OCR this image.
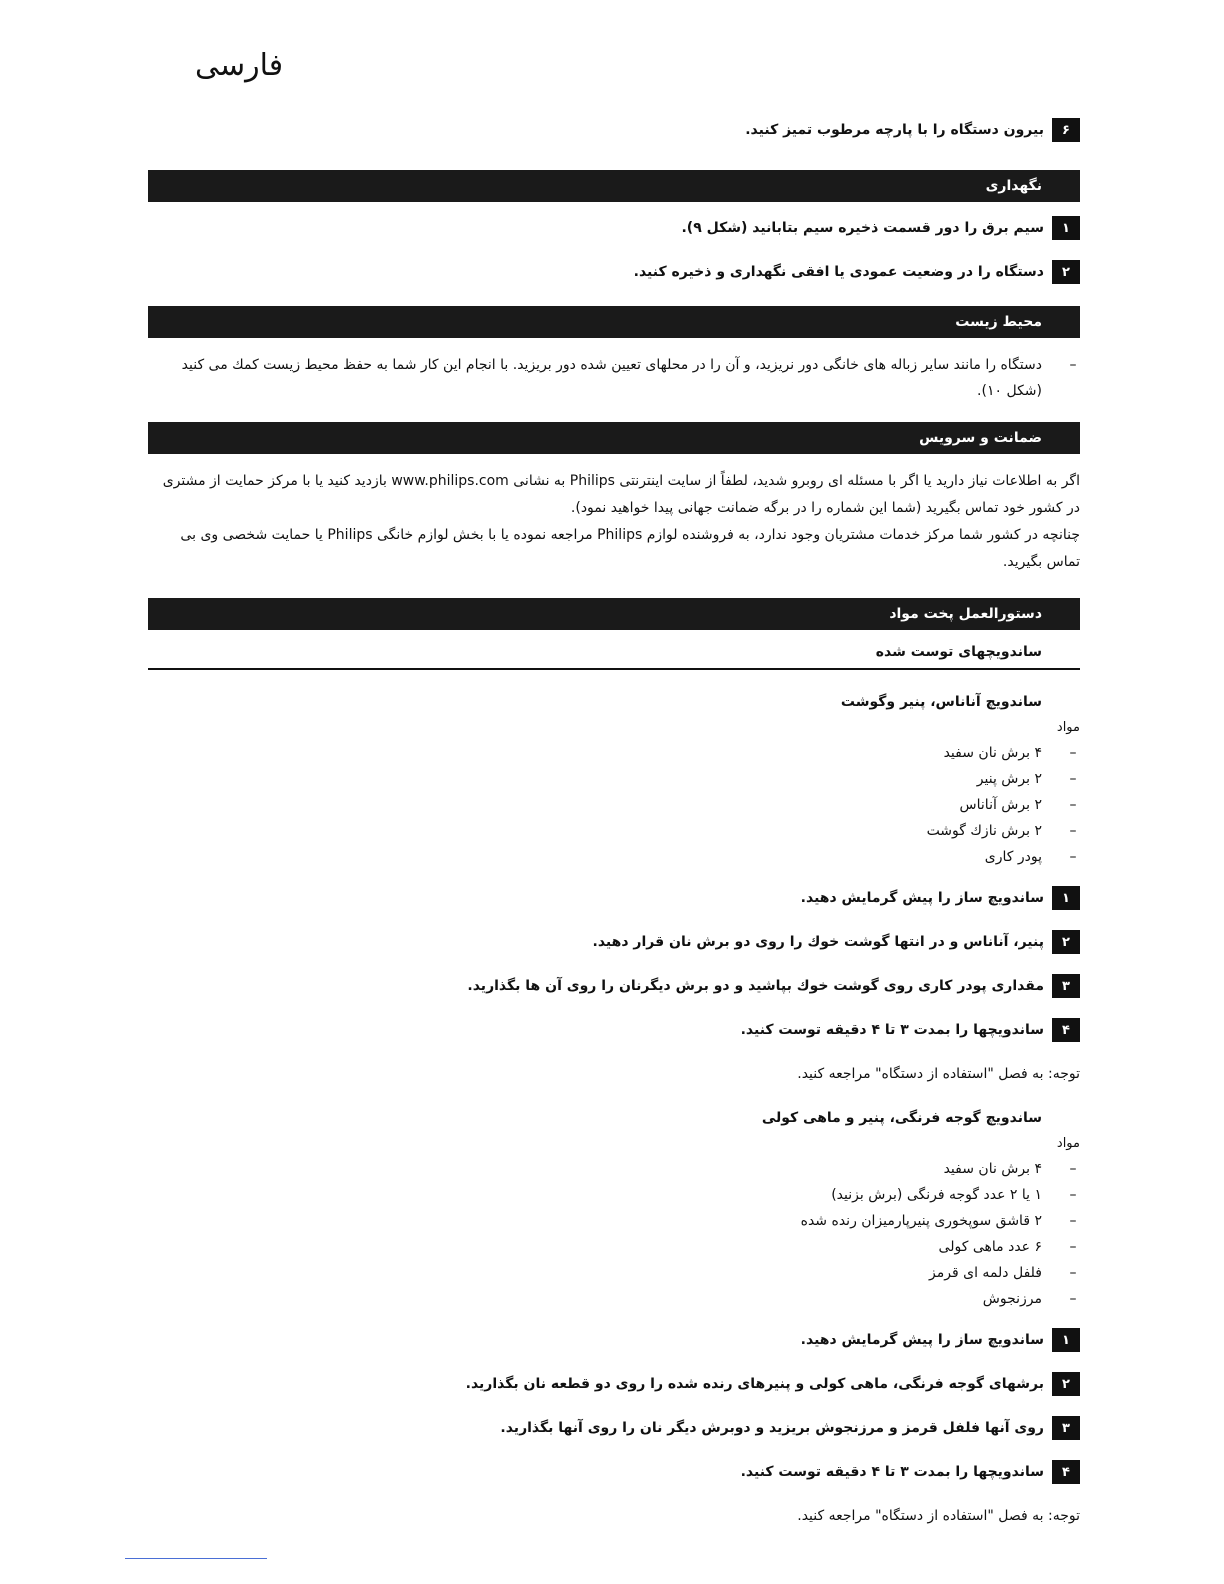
فارسی
۶
بیرون دستگاه را با پارچه مرطوب تمیز کنید.
نگهداری
۱
سیم برق را دور قسمت ذخیره سیم بتابانید (شکل ۹).
۲
دستگاه را در وضعیت عمودی یا افقی نگهداری و ذخیره کنید.
محیط زیست
–
دستگاه را مانند سایر زباله های خانگی دور نریزید، و آن را در محلهای تعیین شده دور بریزید. با انجام این کار شما به حفظ محیط زیست کمك می کنید (شکل ۱۰).
ضمانت و سرویس

اگر به اطلاعات نیاز دارید یا اگر با مسئله ای روبرو شدید، لطفاً از سایت اینترنتی Philips به نشانی www.philips.com بازدید کنید یا با مرکز حمایت از مشتری در کشور خود تماس بگیرید (شما این شماره را در برگه ضمانت جهانی پیدا خواهید نمود).

چنانچه در کشور شما مرکز خدمات مشتریان وجود ندارد، به فروشنده لوازم Philips مراجعه نموده یا با بخش لوازم خانگی Philips یا حمایت شخصی وی بی تماس بگیرید.

دستورالعمل پخت مواد
ساندویچهای توست شده
ساندویچ آناناس، پنیر وگوشت
مواد
–
۴ برش نان سفید
–
۲ برش پنیر
–
۲ برش آناناس
–
۲ برش نازك گوشت
–
پودر کاری
۱
ساندویچ ساز را پیش گرمایش دهید.
۲
پنیر، آناناس و در انتها گوشت خوك را روی دو برش نان قرار دهید.
۳
مقداری پودر کاری روی گوشت خوك بپاشید و دو برش دیگرنان را روی آن ها بگذارید.
۴
ساندویچها را بمدت ۳ تا ۴ دقیقه توست کنید.
توجه: به فصل "استفاده از دستگاه" مراجعه کنید.
ساندویچ گوجه فرنگی، پنیر و ماهی کولی
مواد
–
۴ برش نان سفید
–
۱ یا ۲ عدد گوجه فرنگی (برش بزنید)
–
۲ قاشق سوپخوری پنیرپارمیزان رنده شده
–
۶ عدد ماهی کولی
–
فلفل دلمه ای قرمز
–
مرزنجوش
۱
ساندویچ ساز را پیش گرمایش دهید.
۲
برشهای گوجه فرنگی، ماهی کولی و پنیرهای رنده شده را روی دو قطعه نان بگذارید.
۳
روی آنها فلفل قرمز و مرزنجوش بریزید و دوبرش دیگر نان را روی آنها بگذارید.
۴
ساندویچها را بمدت ۳ تا ۴ دقیقه توست کنید.
توجه: به فصل "استفاده از دستگاه" مراجعه کنید.
